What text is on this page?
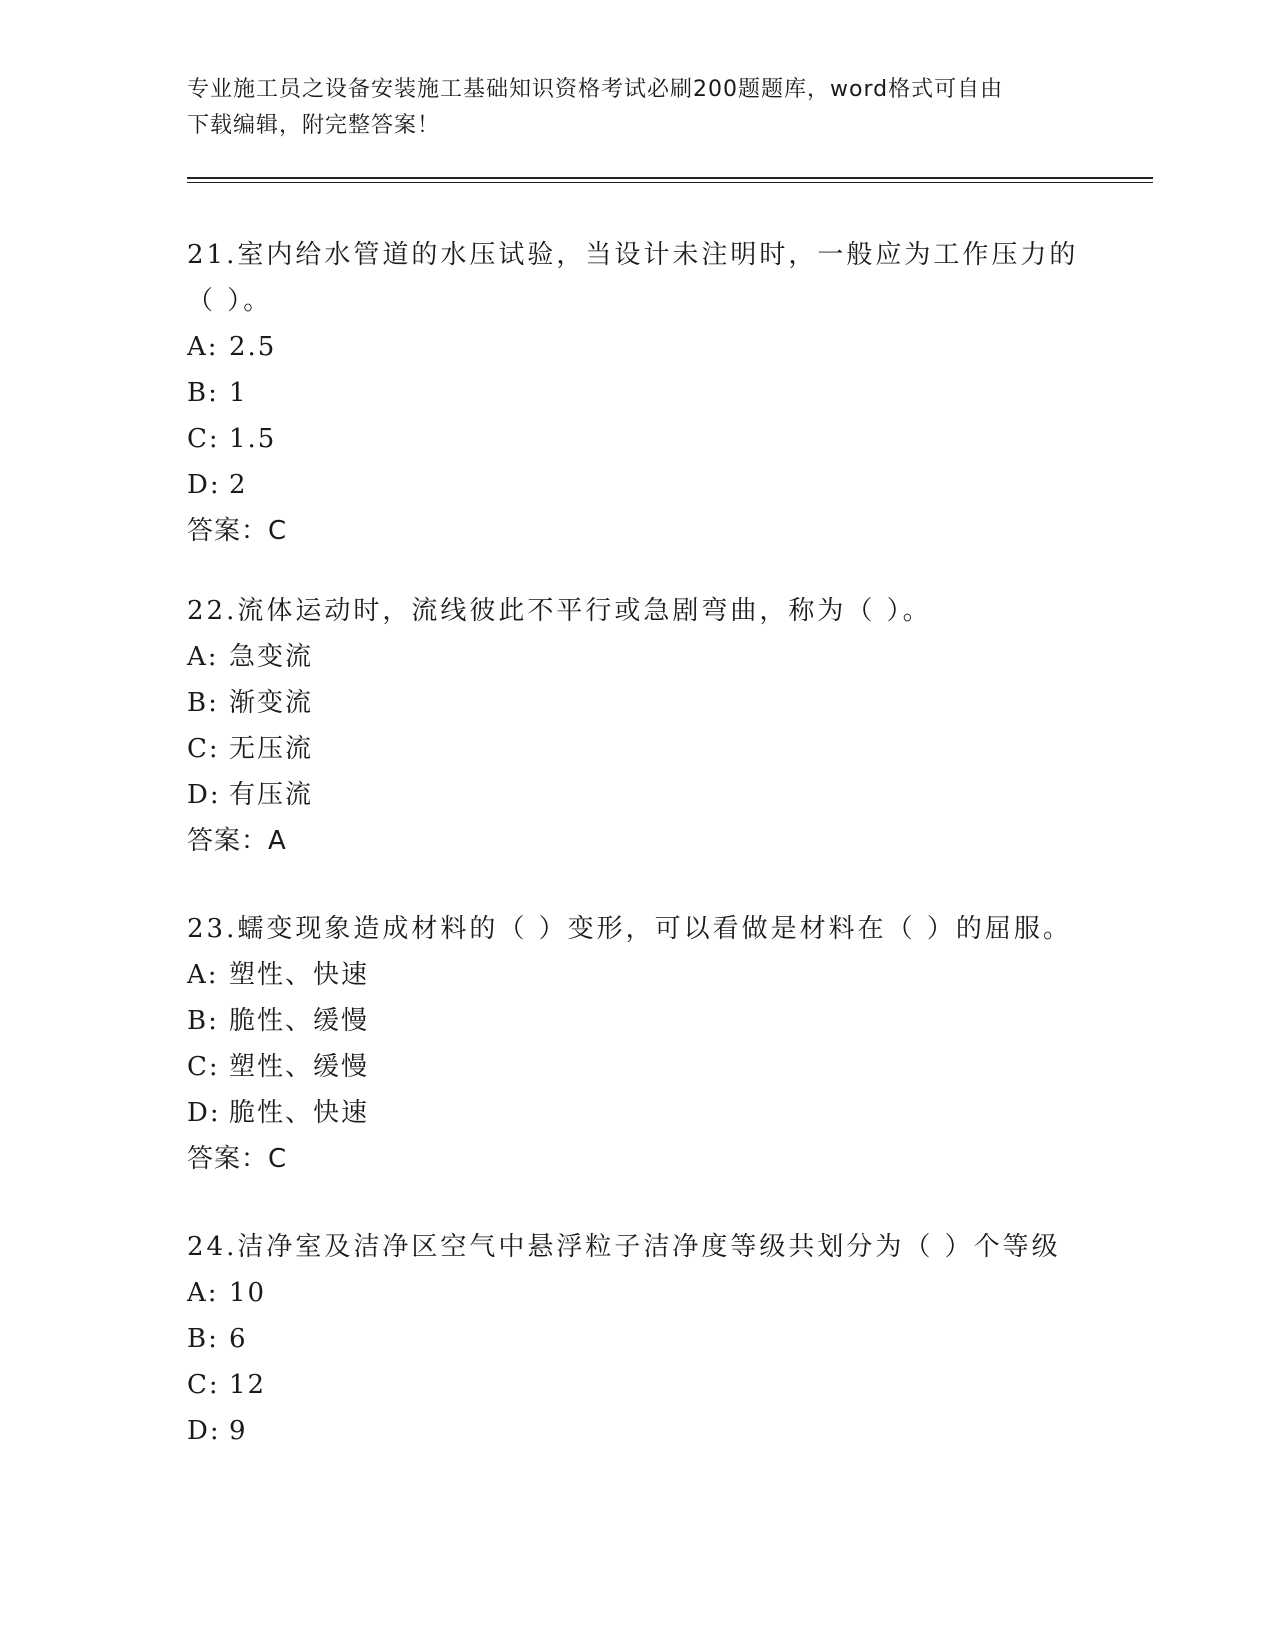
专业施工员之设备安装施工基础知识资格考试必刷200题题库，word格式可自由
下载编辑，附完整答案！
21.室内给水管道的水压试验，当设计未注明时，一般应为工作压力的
（ ）。
A: 2.5
B: 1
C: 1.5
D: 2
答案：C
22.流体运动时，流线彼此不平行或急剧弯曲，称为（ ）。
A: 急变流
B: 渐变流
C: 无压流
D: 有压流
答案：A
23.蠕变现象造成材料的（ ）变形，可以看做是材料在（ ）的屈服。
A: 塑性、快速
B: 脆性、缓慢
C: 塑性、缓慢
D: 脆性、快速
答案：C
24.洁净室及洁净区空气中悬浮粒子洁净度等级共划分为（ ）个等级
A: 10
B: 6
C: 12
D: 9
